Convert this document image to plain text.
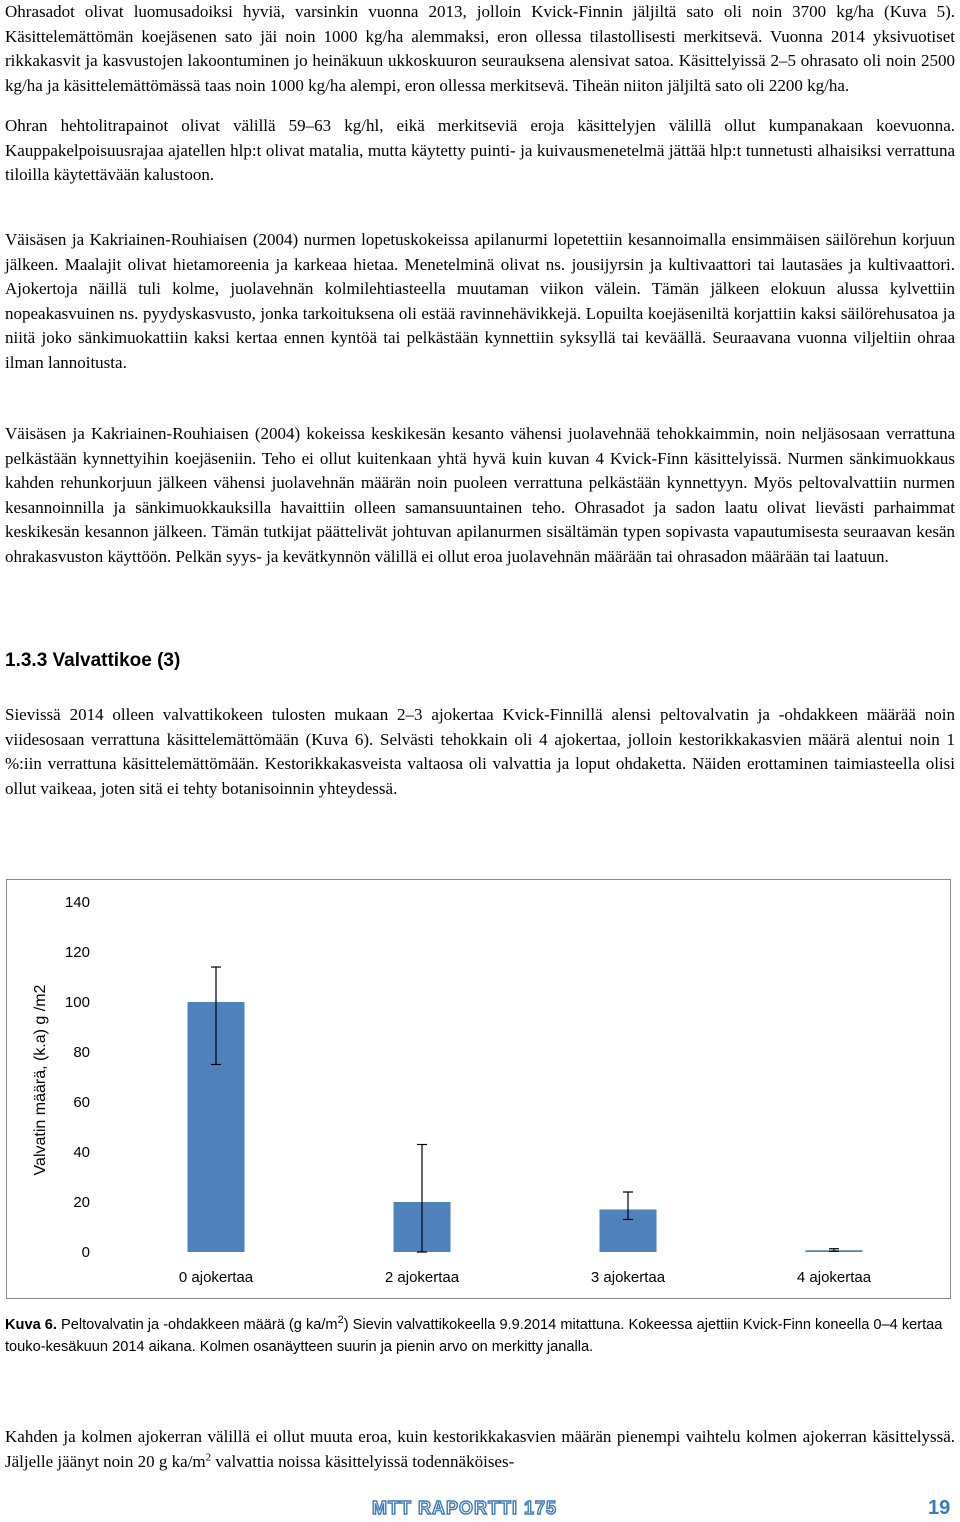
Ohrasadot olivat luomusadoiksi hyviä, varsinkin vuonna 2013, jolloin Kvick-Finnin jäljiltä sato oli noin 3700 kg/ha (Kuva 5). Käsittelemättömän koejäsenen sato jäi noin 1000 kg/ha alemmaksi, eron ollessa tilastollisesti merkitsevä. Vuonna 2014 yksivuotiset rikkakasvit ja kasvustojen lakoontuminen jo heinäkuun ukkoskuuron seurauksena alensivat satoa. Käsittelyissä 2–5 ohrasato oli noin 2500 kg/ha ja käsittelemättömässä taas noin 1000 kg/ha alempi, eron ollessa merkitsevä. Tiheän niiton jäljiltä sato oli 2200 kg/ha.

Ohran hehtolitrapainot olivat välillä 59–63 kg/hl, eikä merkitseviä eroja käsittelyjen välillä ollut kumpanakaan koevuonna. Kauppakelpoisuusrajaa ajatellen hlp:t olivat matalia, mutta käytetty puinti- ja kuivausmenetelmä jättää hlp:t tunnetusti alhaisiksi verrattuna tiloilla käytettävään kalustoon.

Väisäsen ja Kakriainen-Rouhiaisen (2004) nurmen lopetuskokeissa apilanurmi lopetettiin kesannoimalla ensimmäisen säilörehun korjuun jälkeen. Maalajit olivat hietamoreenia ja karkeaa hietaa. Menetelminä olivat ns. jousijyrsin ja kultivaattori tai lautasäes ja kultivaattori. Ajokertoja näillä tuli kolme, juolavehnän kolmilehtiasteella muutaman viikon välein. Tämän jälkeen elokuun alussa kylvettiin nopeakasvuinen ns. pyydyskasvusto, jonka tarkoituksena oli estää ravinnehävikkejä. Lopuilta koejäseniltä korjattiin kaksi säilörehusatoa ja niitä joko sänkimuokattiin kaksi kertaa ennen kyntöä tai pelkästään kynnettiin syksyllä tai keväällä. Seuraavana vuonna viljeltiin ohraa ilman lannoitusta.

Väisäsen ja Kakriainen-Rouhiaisen (2004) kokeissa keskikesän kesanto vähensi juolavehnää tehokkaimmin, noin neljäsosaan verrattuna pelkästään kynnettyihin koejäseniin. Teho ei ollut kuitenkaan yhtä hyvä kuin kuvan 4 Kvick-Finn käsittelyissä. Nurmen sänkimuokkaus kahden rehunkorjuun jälkeen vähensi juolavehnän määrän noin puoleen verrattuna pelkästään kynnettyyn. Myös peltovalvattiin nurmen kesannoinnilla ja sänkimuokkauksilla havaittiin olleen samansuuntainen teho. Ohrasadot ja sadon laatu olivat lievästi parhaimmat keskikesän kesannon jälkeen. Tämän tutkijat päättelivät johtuvan apilanurmen sisältämän typen sopivasta vapautumisesta seuraavan kesän ohrakasvuston käyttöön. Pelkän syys- ja kevätkynnön välillä ei ollut eroa juolavehnän määrään tai ohrasadon määrään tai laatuun.

1.3.3 Valvattikoe (3)

Sievissä 2014 olleen valvattikokeen tulosten mukaan 2–3 ajokertaa Kvick-Finnillä alensi peltovalvatin ja -ohdakkeen määrää noin viidesosaan verrattuna käsittelemättömään (Kuva 6). Selvästi tehokkain oli 4 ajokertaa, jolloin kestorikkakasvien määrä alentui noin 1 %:iin verrattuna käsittelemättömään. Kestorikkakasveista valtaosa oli valvattia ja loput ohdaketta. Näiden erottaminen taimiasteella olisi ollut vaikeaa, joten sitä ei tehty botanisoinnin yhteydessä.

0
20
40
60
80
100
120
140
Valvatin määrä, (k.a) g /m2
0 ajokertaa	2 ajokertaa	3 ajokertaa	4 ajokertaa

Kuva 6. Peltovalvatin ja -ohdakkeen määrä (g $ka/m^2$) Sievin valvattikokeella 9.9.2014 mitattuna. Kokeessa ajettiin Kvick-Finn koneella 0–4 kertaa touko-kesäkuun 2014 aikana. Kolmen osanäytteen suurin ja pienin arvo on merkitty janalla.

Kahden ja kolmen ajokerran välillä ei ollut muuta eroa, kuin kestorikkakasvien määrän pienempi vaihtelu kolmen ajokerran käsittelyssä. Jäljelle jäänyt noin 20 g $ka/m^2$ valvattia noissa käsittelyissä todennäköises-

MTT RAPORTTI 175	19
